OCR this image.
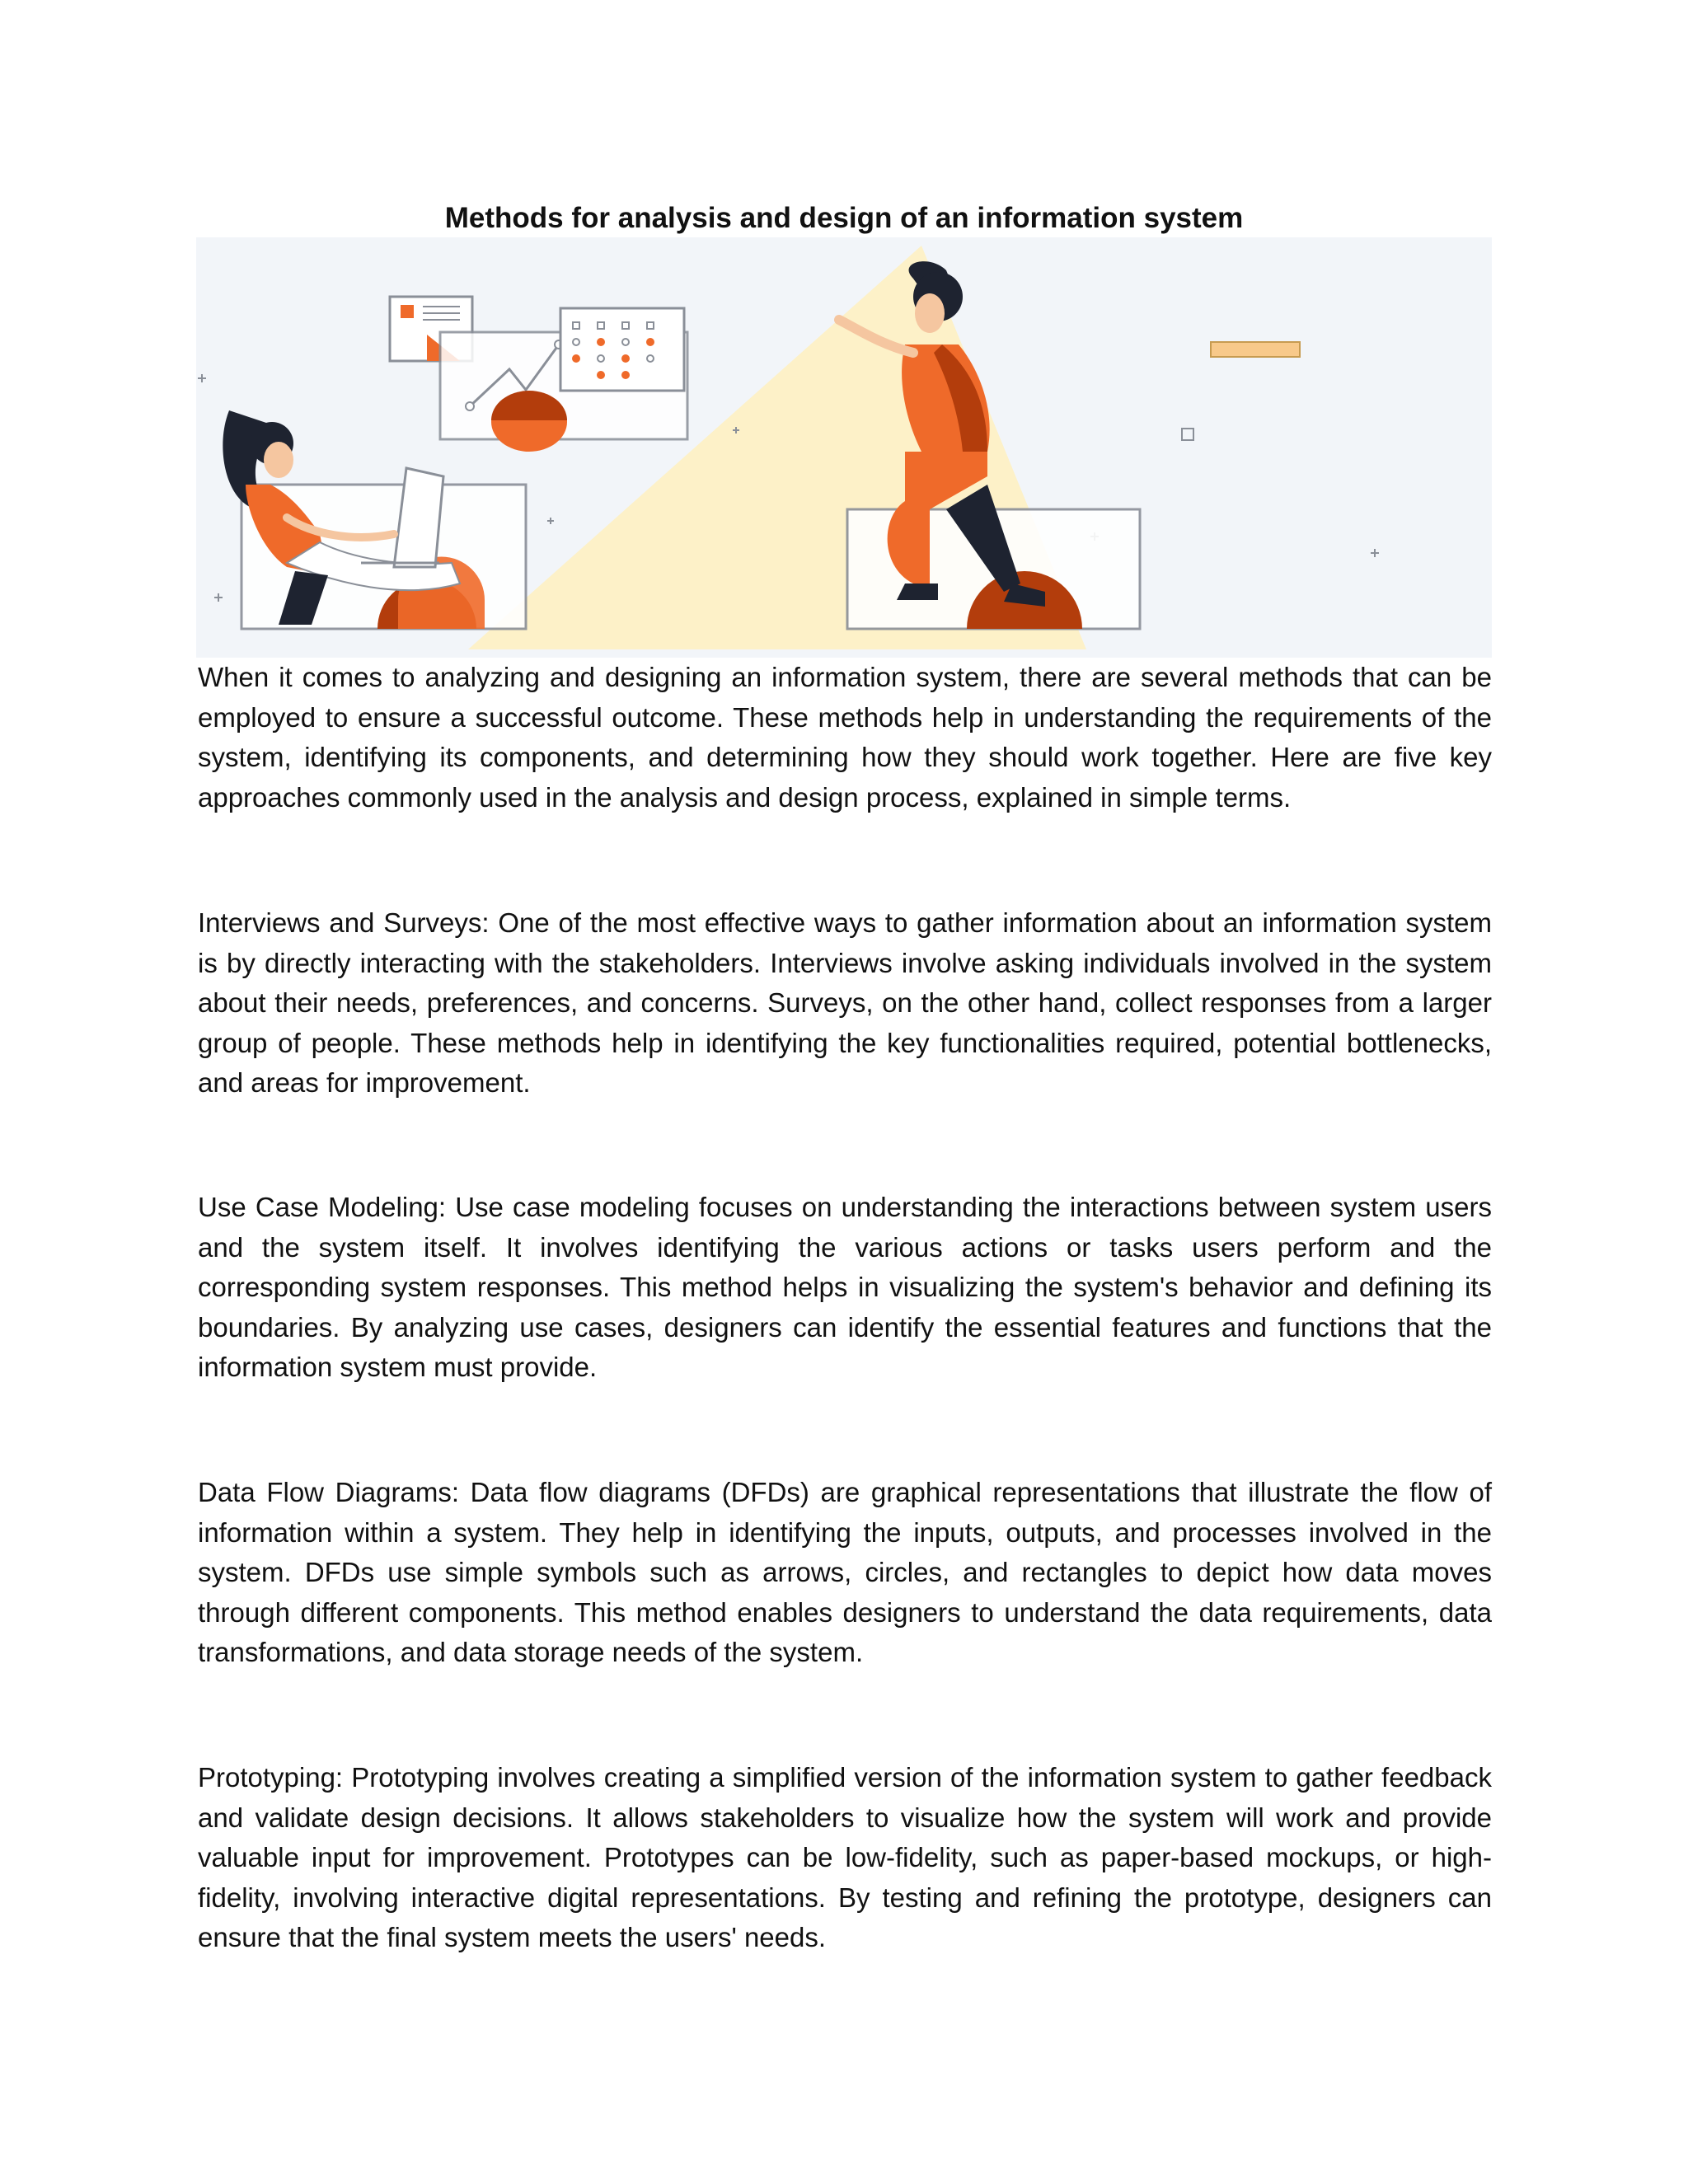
Methods for analysis and design of an information system

When it comes to analyzing and designing an information system, there are several methods that can be employed to ensure a successful outcome. These methods help in understanding the requirements of the system, identifying its components, and determining how they should work together. Here are five key approaches commonly used in the analysis and design process, explained in simple terms.

Interviews and Surveys: One of the most effective ways to gather information about an information system is by directly interacting with the stakeholders. Interviews involve asking individuals involved in the system about their needs, preferences, and concerns. Surveys, on the other hand, collect responses from a larger group of people. These methods help in identifying the key functionalities required, potential bottlenecks, and areas for improvement.

Use Case Modeling: Use case modeling focuses on understanding the interactions between system users and the system itself. It involves identifying the various actions or tasks users perform and the corresponding system responses. This method helps in visualizing the system's behavior and defining its boundaries. By analyzing use cases, designers can identify the essential features and functions that the information system must provide.

Data Flow Diagrams: Data flow diagrams (DFDs) are graphical representations that illustrate the flow of information within a system. They help in identifying the inputs, outputs, and processes involved in the system. DFDs use simple symbols such as arrows, circles, and rectangles to depict how data moves through different components. This method enables designers to understand the data requirements, data transformations, and data storage needs of the system.

Prototyping: Prototyping involves creating a simplified version of the information system to gather feedback and validate design decisions. It allows stakeholders to visualize how the system will work and provide valuable input for improvement. Prototypes can be low-fidelity, such as paper-based mockups, or high-fidelity, involving interactive digital representations. By testing and refining the prototype, designers can ensure that the final system meets the users' needs.
